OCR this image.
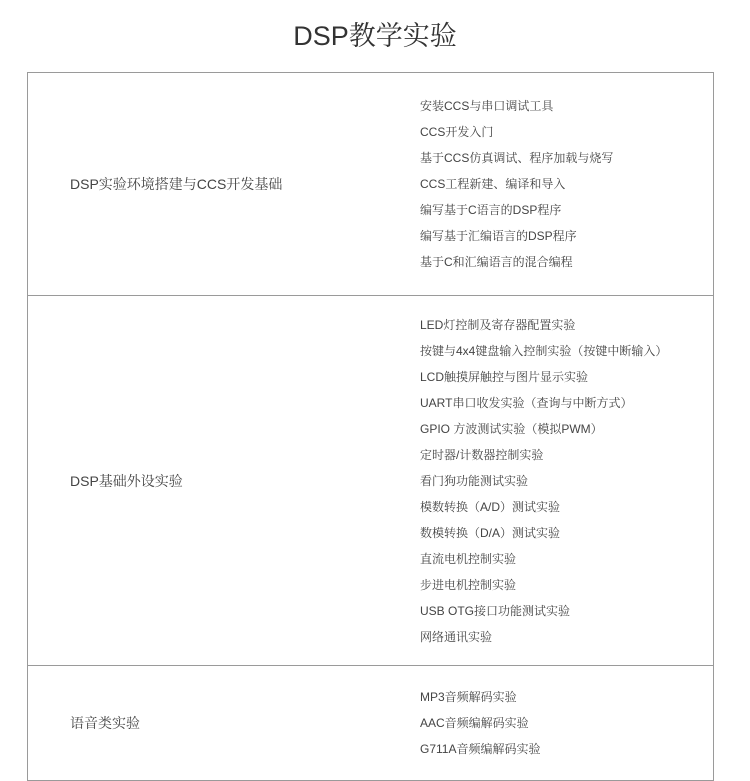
DSP教学实验
DSP实验环境搭建与CCS开发基础
安装CCS与串口调试工具
CCS开发入门
基于CCS仿真调试、程序加载与烧写
CCS工程新建、编译和导入
编写基于C语言的DSP程序
编写基于汇编语言的DSP程序
基于C和汇编语言的混合编程
DSP基础外设实验
LED灯控制及寄存器配置实验
按键与4x4键盘输入控制实验（按键中断输入）
LCD触摸屏触控与图片显示实验
UART串口收发实验（查询与中断方式）
GPIO 方波测试实验（模拟PWM）
定时器/计数器控制实验
看门狗功能测试实验
模数转换（A/D）测试实验
数模转换（D/A）测试实验
直流电机控制实验
步进电机控制实验
USB OTG接口功能测试实验
网络通讯实验
语音类实验
MP3音频解码实验
AAC音频编解码实验
G711A音频编解码实验
